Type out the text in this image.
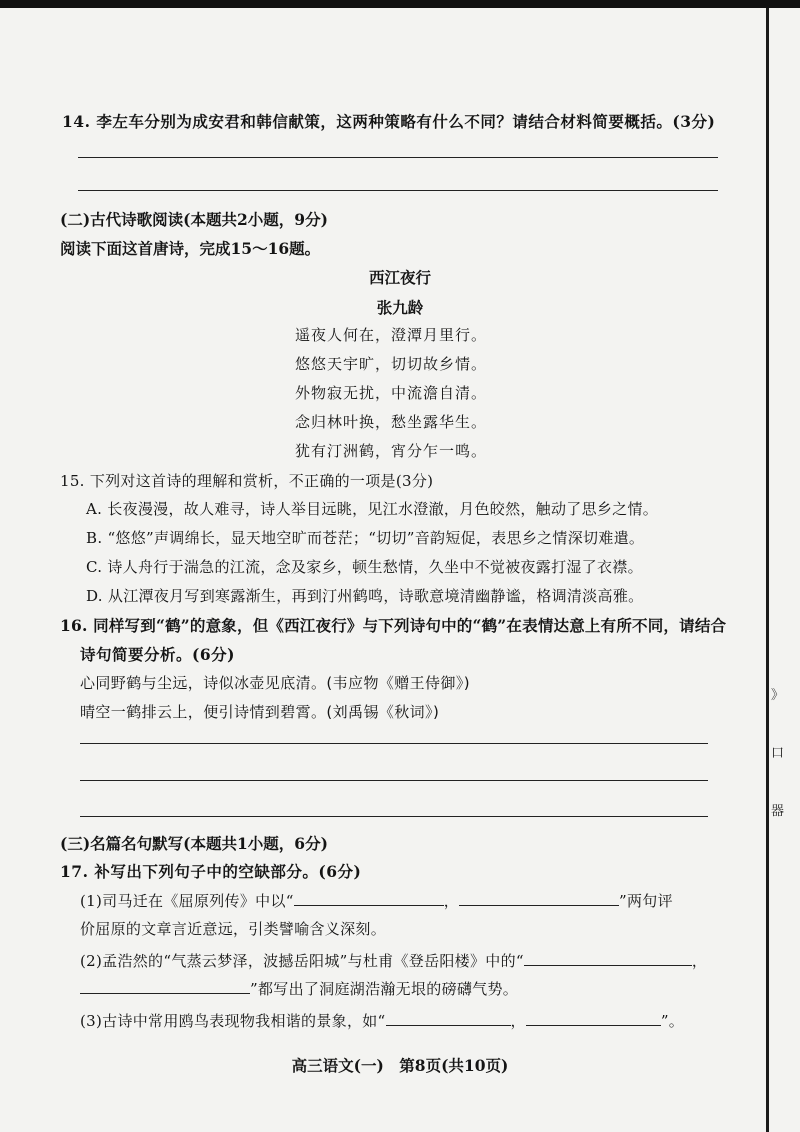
》
口
器
14. 李左车分别为成安君和韩信献策，这两种策略有什么不同？请结合材料简要概括。(3分)
(二)古代诗歌阅读(本题共2小题，9分)
阅读下面这首唐诗，完成15～16题。
西江夜行
张九龄
遥夜人何在，澄潭月里行。
悠悠天宇旷，切切故乡情。
外物寂无扰，中流澹自清。
念归林叶换，愁坐露华生。
犹有汀洲鹤，宵分乍一鸣。
15. 下列对这首诗的理解和赏析，不正确的一项是(3分)
A. 长夜漫漫，故人难寻，诗人举目远眺，见江水澄澈，月色皎然，触动了思乡之情。
B. “悠悠”声调绵长，显天地空旷而苍茫；“切切”音韵短促，表思乡之情深切难遣。
C. 诗人舟行于湍急的江流，念及家乡，顿生愁情，久坐中不觉被夜露打湿了衣襟。
D. 从江潭夜月写到寒露渐生，再到汀州鹤鸣，诗歌意境清幽静谧，格调清淡高雅。
16. 同样写到“鹤”的意象，但《西江夜行》与下列诗句中的“鹤”在表情达意上有所不同，请结合
诗句简要分析。(6分)
心同野鹤与尘远，诗似冰壶见底清。(韦应物《赠王侍御》)
晴空一鹤排云上，便引诗情到碧霄。(刘禹锡《秋词》)
(三)名篇名句默写(本题共1小题，6分)
17. 补写出下列句子中的空缺部分。(6分)
(1)司马迁在《屈原列传》中以“	，	”两句评
价屈原的文章言近意远，引类譬喻含义深刻。
(2)孟浩然的“气蒸云梦泽，波撼岳阳城”与杜甫《登岳阳楼》中的“	，
”都写出了洞庭湖浩瀚无垠的磅礴气势。
(3)古诗中常用鸥鸟表现物我相谐的景象，如“	，	”。
高三语文(一)　第8页(共10页)
